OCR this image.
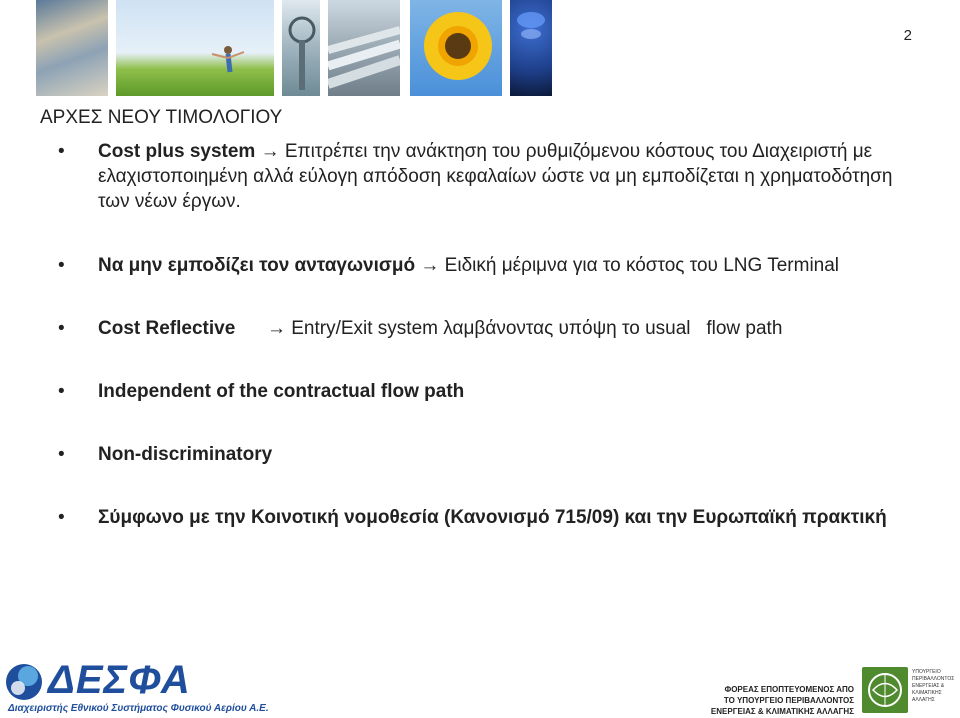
2
ΑΡΧΕΣ ΝΕΟΥ ΤΙΜΟΛΟΓΙΟΥ
• Cost plus system → Επιτρέπει την ανάκτηση του ρυθμιζόμενου κόστους του Διαχειριστή με ελαχιστοποιημένη αλλά εύλογη απόδοση κεφαλαίων ώστε να μη εμποδίζεται η χρηματοδότηση των νέων έργων.
• Να μην εμποδίζει τον ανταγωνισμό → Ειδική μέριμνα για το κόστος του LNG Terminal
• Cost Reflective      → Entry/Exit system λαμβάνοντας υπόψη το usual   flow path
• Independent of the contractual flow path
• Non-discriminatory
• Σύμφωνο με την Κοινοτική νομοθεσία (Κανονισμό 715/09) και την Ευρωπαϊκή πρακτική
ΔΕΣΦΑ
Διαχειριστής Εθνικού Συστήματος Φυσικού Αερίου Α.Ε.
ΦΟΡΕΑΣ ΕΠΟΠΤΕΥΟΜΕΝΟΣ ΑΠΟ
ΤΟ ΥΠΟΥΡΓΕΙΟ ΠΕΡΙΒΑΛΛΟΝΤΟΣ
ΕΝΕΡΓΕΙΑΣ & ΚΛΙΜΑΤΙΚΗΣ ΑΛΛΑΓΗΣ
ΥΠΟΥΡΓΕΙΟ
ΠΕΡΙΒΑΛΛΟΝΤΟΣ
ΕΝΕΡΓΕΙΑΣ &
ΚΛΙΜΑΤΙΚΗΣ
ΑΛΛΑΓΗΣ
